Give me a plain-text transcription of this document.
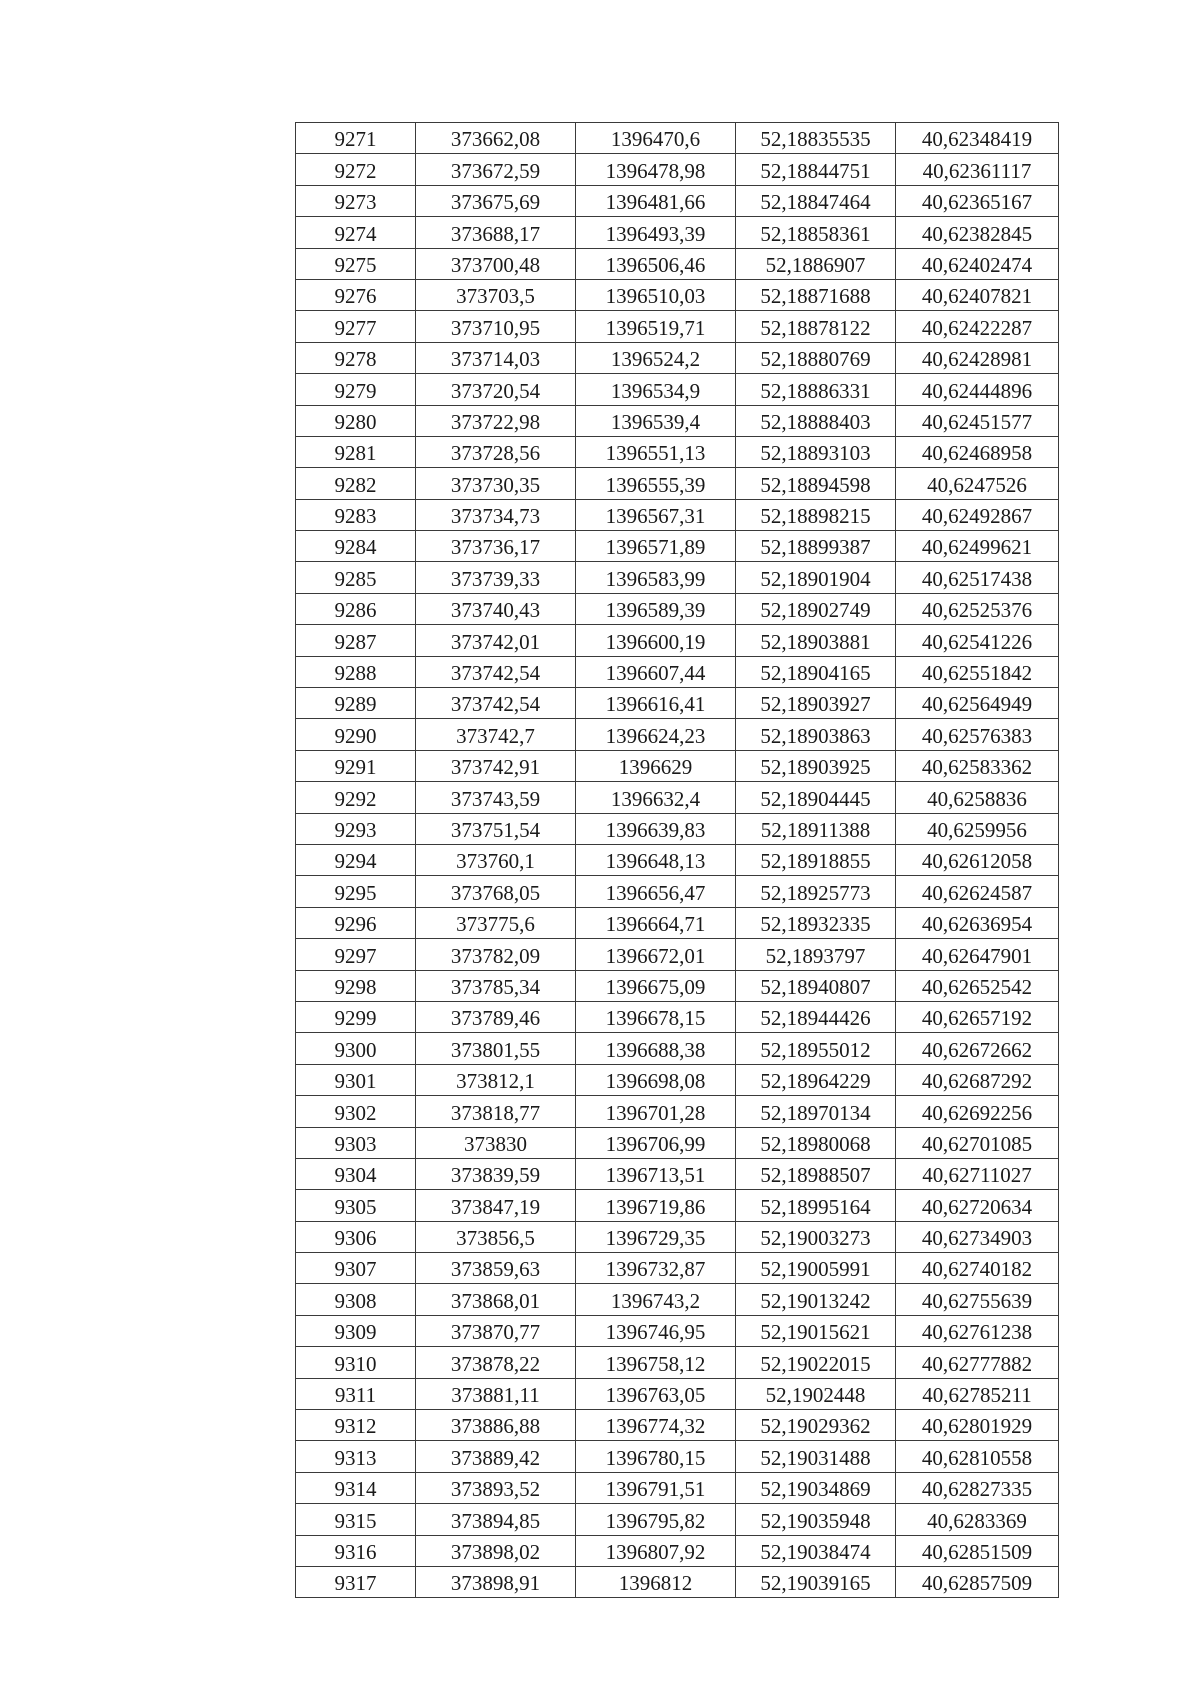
9271	373662,08	1396470,6	52,18835535	40,62348419
9272	373672,59	1396478,98	52,18844751	40,62361117
9273	373675,69	1396481,66	52,18847464	40,62365167
9274	373688,17	1396493,39	52,18858361	40,62382845
9275	373700,48	1396506,46	52,1886907	40,62402474
9276	373703,5	1396510,03	52,18871688	40,62407821
9277	373710,95	1396519,71	52,18878122	40,62422287
9278	373714,03	1396524,2	52,18880769	40,62428981
9279	373720,54	1396534,9	52,18886331	40,62444896
9280	373722,98	1396539,4	52,18888403	40,62451577
9281	373728,56	1396551,13	52,18893103	40,62468958
9282	373730,35	1396555,39	52,18894598	40,6247526
9283	373734,73	1396567,31	52,18898215	40,62492867
9284	373736,17	1396571,89	52,18899387	40,62499621
9285	373739,33	1396583,99	52,18901904	40,62517438
9286	373740,43	1396589,39	52,18902749	40,62525376
9287	373742,01	1396600,19	52,18903881	40,62541226
9288	373742,54	1396607,44	52,18904165	40,62551842
9289	373742,54	1396616,41	52,18903927	40,62564949
9290	373742,7	1396624,23	52,18903863	40,62576383
9291	373742,91	1396629	52,18903925	40,62583362
9292	373743,59	1396632,4	52,18904445	40,6258836
9293	373751,54	1396639,83	52,18911388	40,6259956
9294	373760,1	1396648,13	52,18918855	40,62612058
9295	373768,05	1396656,47	52,18925773	40,62624587
9296	373775,6	1396664,71	52,18932335	40,62636954
9297	373782,09	1396672,01	52,1893797	40,62647901
9298	373785,34	1396675,09	52,18940807	40,62652542
9299	373789,46	1396678,15	52,18944426	40,62657192
9300	373801,55	1396688,38	52,18955012	40,62672662
9301	373812,1	1396698,08	52,18964229	40,62687292
9302	373818,77	1396701,28	52,18970134	40,62692256
9303	373830	1396706,99	52,18980068	40,62701085
9304	373839,59	1396713,51	52,18988507	40,62711027
9305	373847,19	1396719,86	52,18995164	40,62720634
9306	373856,5	1396729,35	52,19003273	40,62734903
9307	373859,63	1396732,87	52,19005991	40,62740182
9308	373868,01	1396743,2	52,19013242	40,62755639
9309	373870,77	1396746,95	52,19015621	40,62761238
9310	373878,22	1396758,12	52,19022015	40,62777882
9311	373881,11	1396763,05	52,1902448	40,62785211
9312	373886,88	1396774,32	52,19029362	40,62801929
9313	373889,42	1396780,15	52,19031488	40,62810558
9314	373893,52	1396791,51	52,19034869	40,62827335
9315	373894,85	1396795,82	52,19035948	40,6283369
9316	373898,02	1396807,92	52,19038474	40,62851509
9317	373898,91	1396812	52,19039165	40,62857509
